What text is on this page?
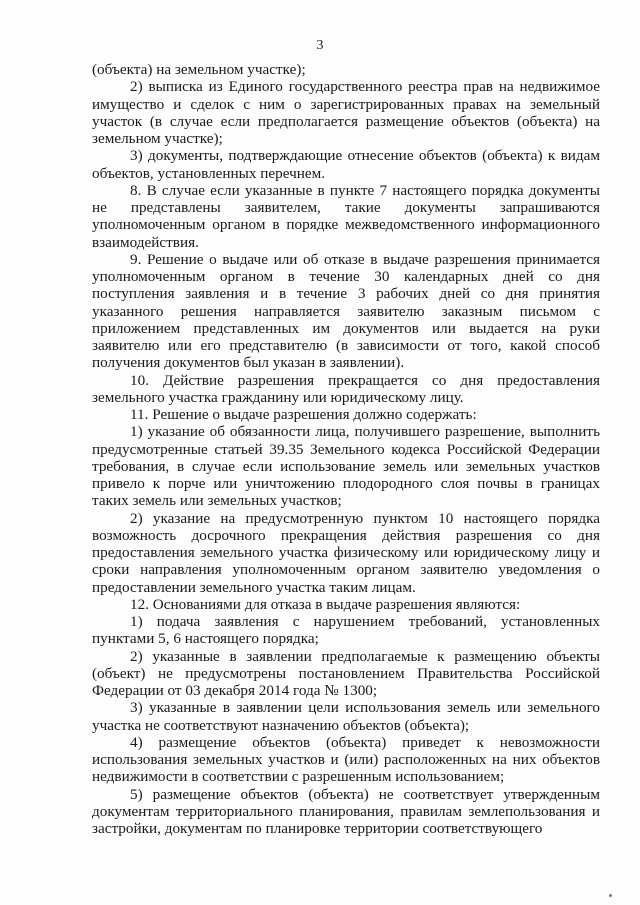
3

(объекта) на земельном участке);

2) выписка из Единого государственного реестра прав на недвижимое имущество и сделок с ним о зарегистрированных правах на земельный участок (в случае если предполагается размещение объектов (объекта) на земельном участке);

3) документы, подтверждающие отнесение объектов (объекта) к видам объектов, установленных перечнем.

8. В случае если указанные в пункте 7 настоящего порядка документы не представлены заявителем, такие документы запрашиваются уполномоченным органом в порядке межведомственного информационного взаимодействия.

9. Решение о выдаче или об отказе в выдаче разрешения принимается уполномоченным органом в течение 30 календарных дней со дня поступления заявления и в течение 3 рабочих дней со дня принятия указанного решения направляется заявителю заказным письмом с приложением представленных им документов или выдается на руки заявителю или его представителю (в зависимости от того, какой способ получения документов был указан в заявлении).

10. Действие разрешения прекращается со дня предоставления земельного участка гражданину или юридическому лицу.

11. Решение о выдаче разрешения должно содержать:

1) указание об обязанности лица, получившего разрешение, выполнить предусмотренные статьей 39.35 Земельного кодекса Российской Федерации требования, в случае если использование земель или земельных участков привело к порче или уничтожению плодородного слоя почвы в границах таких земель или земельных участков;

2) указание на предусмотренную пунктом 10 настоящего порядка возможность досрочного прекращения действия разрешения со дня предоставления земельного участка физическому или юридическому лицу и сроки направления уполномоченным органом заявителю уведомления о предоставлении земельного участка таким лицам.

12. Основаниями для отказа в выдаче разрешения являются:

1) подача заявления с нарушением требований, установленных пунктами 5, 6 настоящего порядка;

2) указанные в заявлении предполагаемые к размещению объекты (объект) не предусмотрены постановлением Правительства Российской Федерации от 03 декабря 2014 года № 1300;

3) указанные в заявлении цели использования земель или земельного участка не соответствуют назначению объектов (объекта);

4) размещение объектов (объекта) приведет к невозможности использования земельных участков и (или) расположенных на них объектов недвижимости в соответствии с разрешенным использованием;

5) размещение объектов (объекта) не соответствует утвержденным документам территориального планирования, правилам землепользования и застройки, документам по планировке территории соответствующего
